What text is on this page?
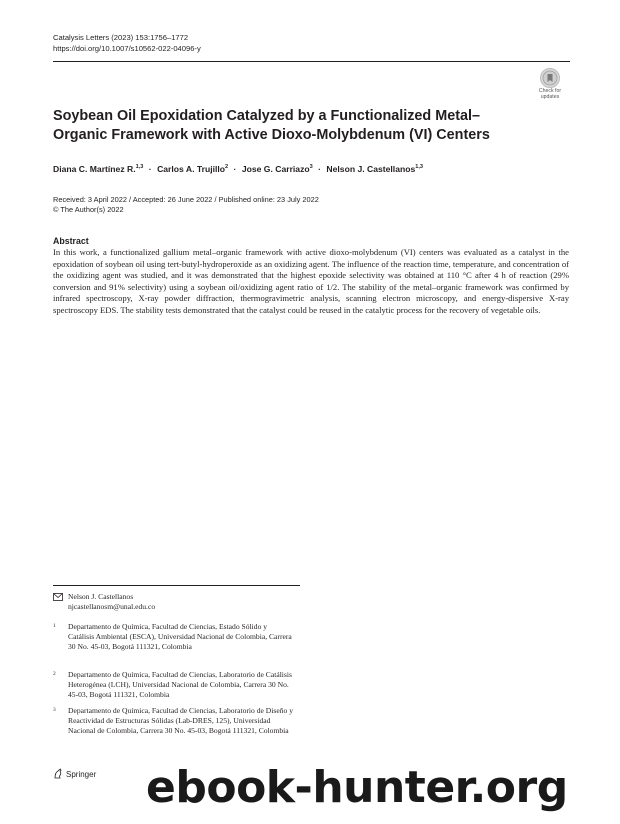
Catalysis Letters (2023) 153:1756–1772
https://doi.org/10.1007/s10562-022-04096-y
Check for
updates
Soybean Oil Epoxidation Catalyzed by a Functionalized Metal–Organic Framework with Active Dioxo‑Molybdenum (VI) Centers
Diana C. Martínez R.$^{1,3}$ · Carlos A. Trujillo$^2$ · Jose G. Carriazo$^3$ · Nelson J. Castellanos$^{1,3}$
Received: 3 April 2022 / Accepted: 26 June 2022 / Published online: 23 July 2022
© The Author(s) 2022
Abstract

In this work, a functionalized gallium metal–organic framework with active dioxo-molybdenum (VI) centers was evaluated as a catalyst in the epoxidation of soybean oil using tert-butyl-hydroperoxide as an oxidizing agent. The influence of the reaction time, temperature, and concentration of the oxidizing agent was studied, and it was demonstrated that the highest epoxide selectivity was obtained at 110 °C after 4 h of reaction (29% conversion and 91% selectivity) using a soybean oil/oxidizing agent ratio of 1/2. The stability of the metal–organic framework was confirmed by infrared spectroscopy, X-ray powder diffraction, thermogravimetric analysis, scanning electron microscopy, and energy-dispersive X-ray spectroscopy EDS. The stability tests demonstrated that the catalyst could be reused in the catalytic process for the recovery of vegetable oils.

Nelson J. Castellanos
njcastellanosm@unal.edu.co
1 Departamento de Química, Facultad de Ciencias, Estado Sólido y Catálisis Ambiental (ESCA), Universidad Nacional de Colombia, Carrera 30 No. 45-03, Bogotá 111321, Colombia
2 Departamento de Química, Facultad de Ciencias, Laboratorio de Catálisis Heterogénea (LCH), Universidad Nacional de Colombia, Carrera 30 No. 45-03, Bogotá 111321, Colombia
3 Departamento de Química, Facultad de Ciencias, Laboratorio de Diseño y Reactividad de Estructuras Sólidas (Lab-DRES, 125), Universidad Nacional de Colombia, Carrera 30 No. 45-03, Bogotá 111321, Colombia
Springer ebook-hunter.org
